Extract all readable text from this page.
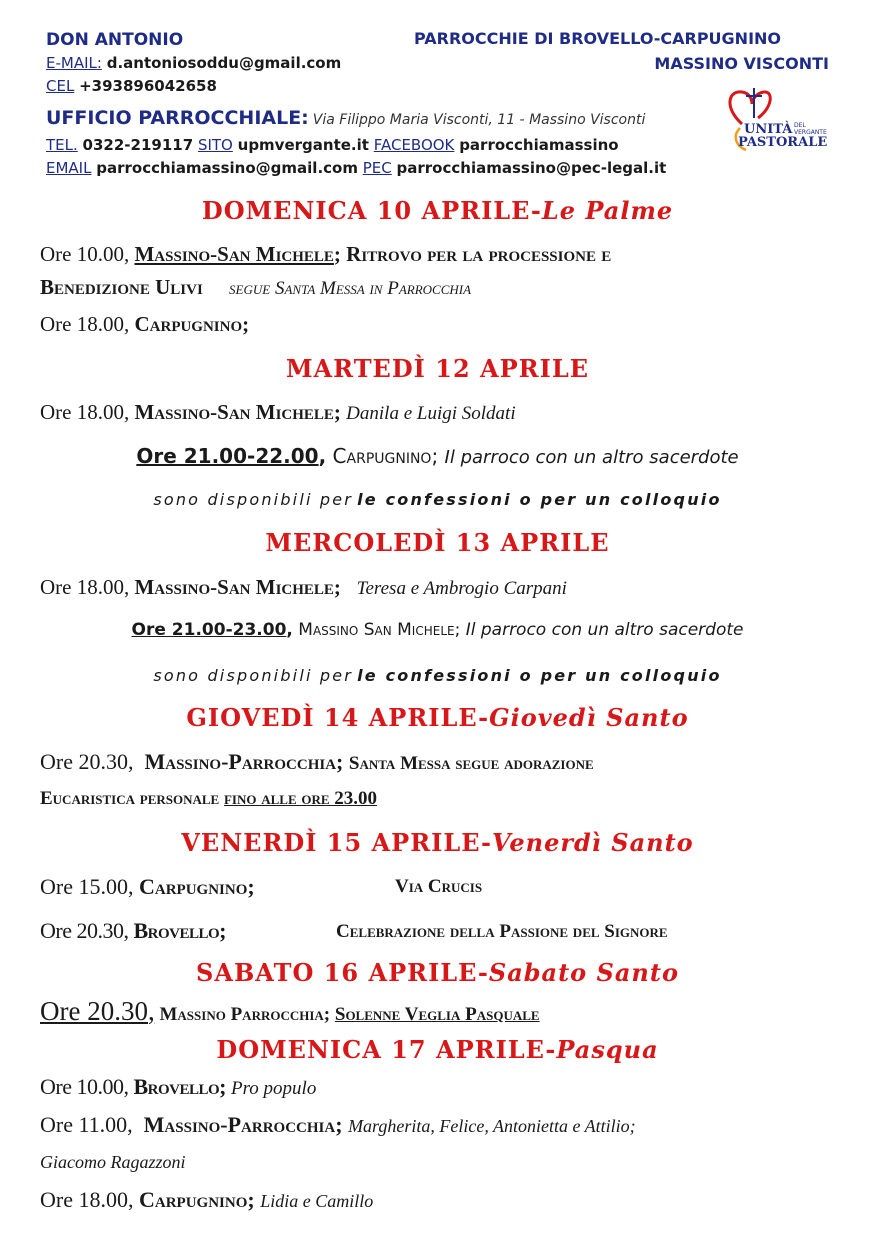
DON ANTONIO
E-MAIL: d.antoniosoddu@gmail.com
CEL +393896042658
PARROCCHIE DI BROVELLO-CARPUGNINO
MASSINO VISCONTI
UFFICIO PARROCCHIALE: Via Filippo Maria Visconti, 11 - Massino Visconti
TEL. 0322-219117 SITO upmvergante.it FACEBOOK parrocchiamassino
EMAIL parrocchiamassino@gmail.com PEC parrocchiamassino@pec-legal.it
UNITÀ DEL
VERGANTE
PASTORALE
DOMENICA 10 APRILE-Le Palme
Ore 10.00, Massino-San Michele; Ritrovo per la processione e
Benedizione Ulivi segue Santa Messa in Parrocchia
Ore 18.00, Carpugnino;
MARTEDÌ 12 APRILE
Ore 18.00, Massino-San Michele; Danila e Luigi Soldati
Ore 21.00-22.00, Carpugnino; Il parroco con un altro sacerdote
sono disponibili per le confessioni o per un colloquio
MERCOLEDÌ 13 APRILE
Ore 18.00, Massino-San Michele; Teresa e Ambrogio Carpani
Ore 21.00-23.00, Massino San Michele; Il parroco con un altro sacerdote
sono disponibili per le confessioni o per un colloquio
GIOVEDÌ 14 APRILE-Giovedì Santo
Ore 20.30, Massino-Parrocchia; Santa Messa segue adorazione
Eucaristica personale fino alle ore 23.00
VENERDÌ 15 APRILE-Venerdì Santo
Ore 15.00, Carpugnino;	Via Crucis
Ore 20.30, Brovello;	Celebrazione della Passione del Signore
SABATO 16 APRILE-Sabato Santo
Ore 20.30, Massino Parrocchia; Solenne Veglia Pasquale
DOMENICA 17 APRILE-Pasqua
Ore 10.00, Brovello; Pro populo
Ore 11.00, Massino-Parrocchia; Margherita, Felice, Antonietta e Attilio;
Giacomo Ragazzoni
Ore 18.00, Carpugnino; Lidia e Camillo
